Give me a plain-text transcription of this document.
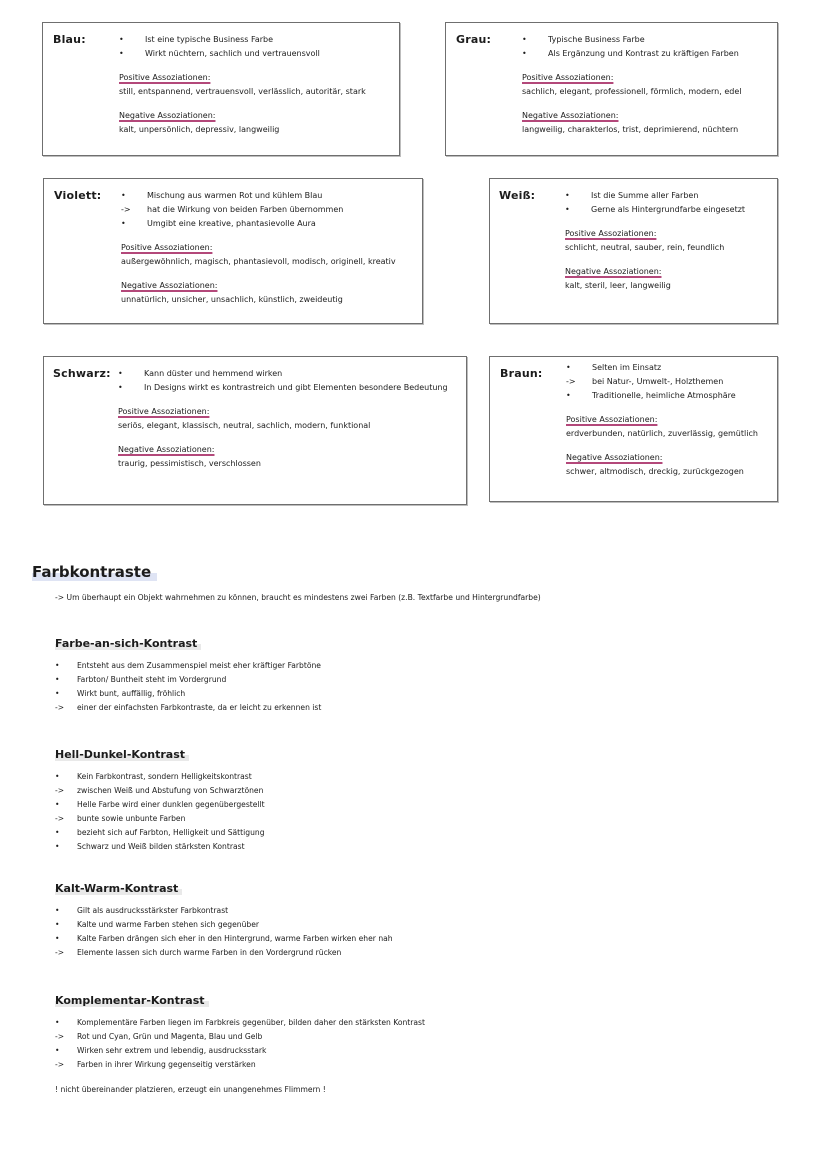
Blau:	•	Ist eine typische Business Farbe
•	Wirkt nüchtern, sachlich und vertrauensvoll
Positive Assoziationen:
still, entspannend, vertrauensvoll, verlässlich, autoritär, stark
Negative Assoziationen:
kalt, unpersönlich, depressiv, langweilig
Grau:	•	Typische Business Farbe
•	Als Ergänzung und Kontrast zu kräftigen Farben
Positive Assoziationen:
sachlich, elegant, professionell, förmlich, modern, edel
Negative Assoziationen:
langweilig, charakterlos, trist, deprimierend, nüchtern
Violett: •	Mischung aus warmen Rot und kühlem Blau
->	hat die Wirkung von beiden Farben übernommen
•	Umgibt eine kreative, phantasievolle Aura
Positive Assoziationen:
außergewöhnlich, magisch, phantasievoll, modisch, originell, kreativ
Negative Assoziationen:
unnatürlich, unsicher, unsachlich, künstlich, zweideutig
Weiß:	•	Ist die Summe aller Farben
•	Gerne als Hintergrundfarbe eingesetzt
Positive Assoziationen:
schlicht, neutral, sauber, rein, feundlich
Negative Assoziationen:
kalt, steril, leer, langweilig
Schwarz: •	Kann düster und hemmend wirken
•	In Designs wirkt es kontrastreich und gibt Elementen besondere Bedeutung
Positive Assoziationen:
seriös, elegant, klassisch, neutral, sachlich, modern, funktional
Negative Assoziationen:
traurig, pessimistisch, verschlossen
Braun:	•	Selten im Einsatz
->	bei Natur-, Umwelt-, Holzthemen
•	Traditionelle, heimliche Atmosphäre
Positive Assoziationen:
erdverbunden, natürlich, zuverlässig, gemütlich
Negative Assoziationen:
schwer, altmodisch, dreckig, zurückgezogen
Farbkontraste
-> Um überhaupt ein Objekt wahrnehmen zu können, braucht es mindestens zwei Farben (z.B. Textfarbe und Hintergrundfarbe)
Farbe-an-sich-Kontrast
•	Entsteht aus dem Zusammenspiel meist eher kräftiger Farbtöne
•	Farbton/ Buntheit steht im Vordergrund
•	Wirkt bunt, auffällig, fröhlich
->	einer der einfachsten Farbkontraste, da er leicht zu erkennen ist
Hell-Dunkel-Kontrast
•	Kein Farbkontrast, sondern Helligkeitskontrast
->	zwischen Weiß und Abstufung von Schwarztönen
•	Helle Farbe wird einer dunklen gegenübergestellt
->	bunte sowie unbunte Farben
•	bezieht sich auf Farbton, Helligkeit und Sättigung
•	Schwarz und Weiß bilden stärksten Kontrast
Kalt-Warm-Kontrast
•	Gilt als ausdrucksstärkster Farbkontrast
•	Kalte und warme Farben stehen sich gegenüber
•	Kalte Farben drängen sich eher in den Hintergrund, warme Farben wirken eher nah
->	Elemente lassen sich durch warme Farben in den Vordergrund rücken
Komplementar-Kontrast
•	Komplementäre Farben liegen im Farbkreis gegenüber, bilden daher den stärksten Kontrast
->	Rot und Cyan, Grün und Magenta, Blau und Gelb
•	Wirken sehr extrem und lebendig, ausdrucksstark
->	Farben in ihrer Wirkung gegenseitig verstärken
! nicht übereinander platzieren, erzeugt ein unangenehmes Flimmern !
